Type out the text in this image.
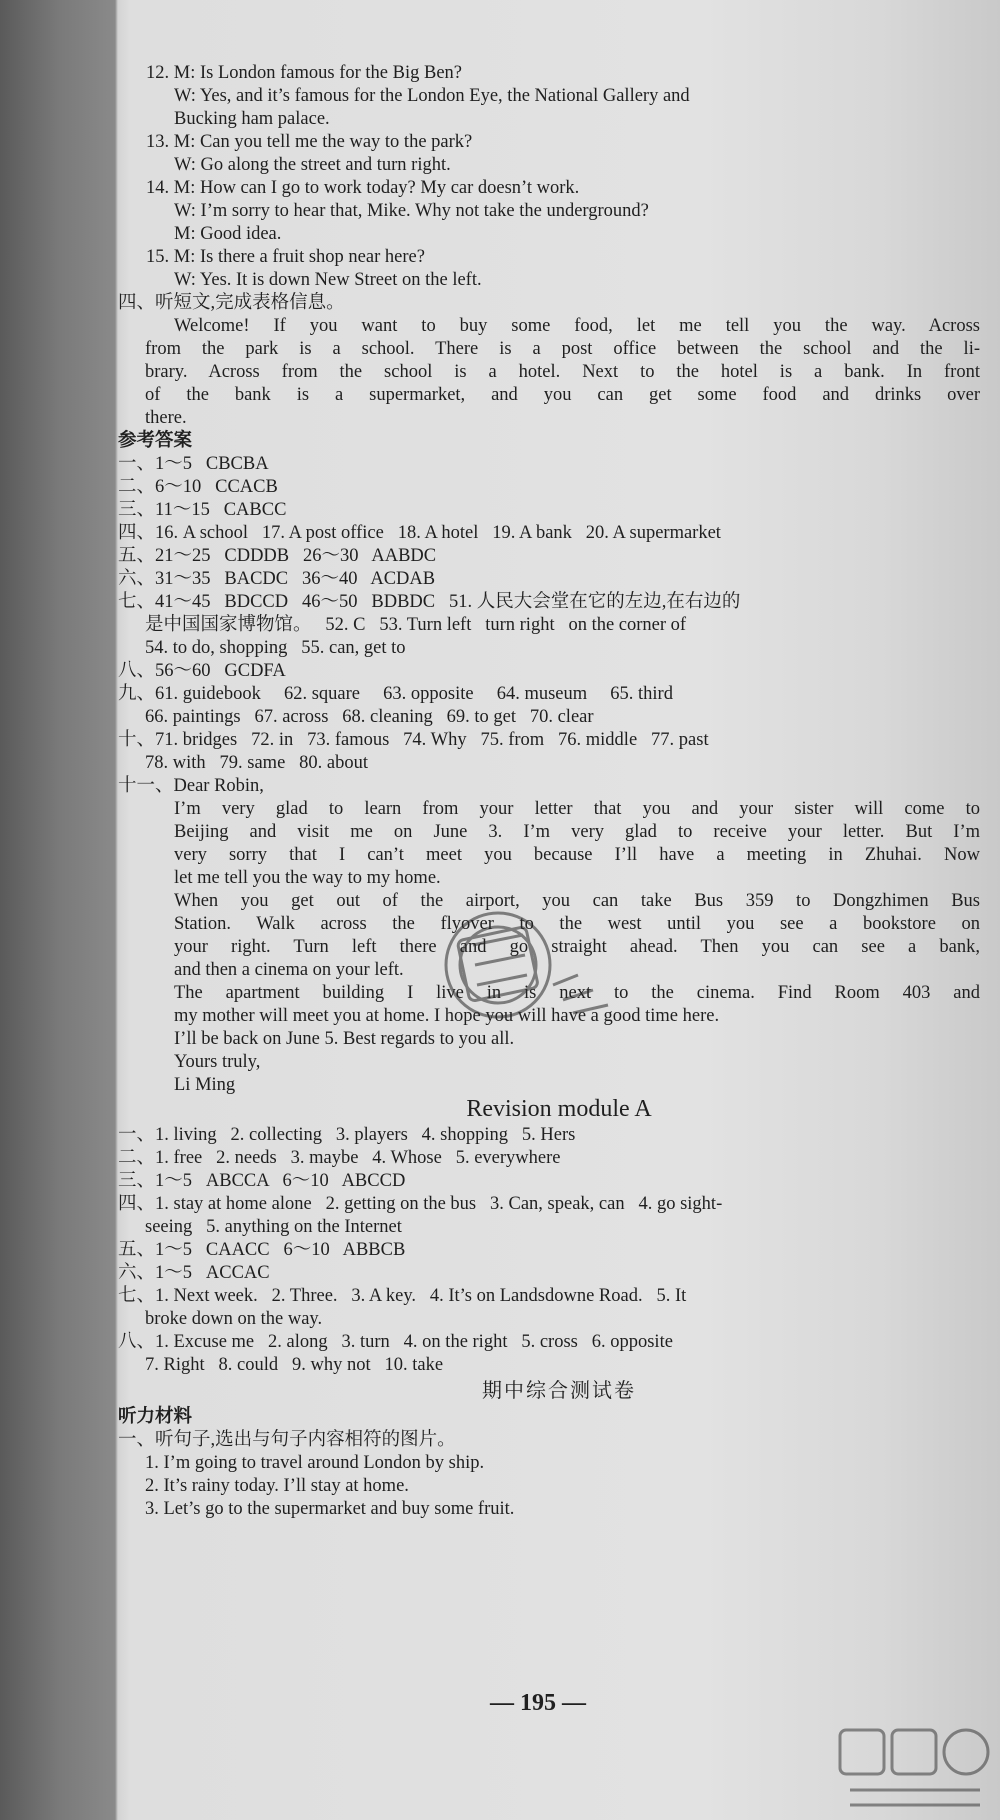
12. M: Is London famous for the Big Ben?
W: Yes, and it’s famous for the London Eye, the National Gallery and
Bucking ham palace.
13. M: Can you tell me the way to the park?
W: Go along the street and turn right.
14. M: How can I go to work today? My car doesn’t work.
W: I’m sorry to hear that, Mike. Why not take the underground?
M: Good idea.
15. M: Is there a fruit shop near here?
W: Yes. It is down New Street on the left.
四、听短文,完成表格信息。
Welcome! If you want to buy some food, let me tell you the way. Across
from the park is a school. There is a post office between the school and the li-
brary. Across from the school is a hotel. Next to the hotel is a bank. In front
of the bank is a supermarket, and you can get some food and drinks over
there.
参考答案
一、1～5   CBCBA
二、6～10   CCACB
三、11～15   CABCC
四、16. A school   17. A post office   18. A hotel   19. A bank   20. A supermarket
五、21～25   CDDDB   26～30   AABDC
六、31～35   BACDC   36～40   ACDAB
七、41～45   BDCCD   46～50   BDBDC   51. 人民大会堂在它的左边,在右边的
是中国国家博物馆。   52. C   53. Turn left   turn right   on the corner of
54. to do, shopping   55. can, get to
八、56～60   GCDFA
九、61. guidebook     62. square     63. opposite     64. museum     65. third
66. paintings   67. across   68. cleaning   69. to get   70. clear
十、71. bridges   72. in   73. famous   74. Why   75. from   76. middle   77. past
78. with   79. same   80. about
十一、Dear Robin,
I’m very glad to learn from your letter that you and your sister will come to
Beijing and visit me on June 3. I’m very glad to receive your letter. But I’m
very sorry that I can’t meet you because I’ll have a meeting in Zhuhai. Now
let me tell you the way to my home.
When you get out of the airport, you can take Bus 359 to Dongzhimen Bus
Station. Walk across the flyover to the west until you see a bookstore on
your right. Turn left there and go straight ahead. Then you can see a bank,
and then a cinema on your left.
The apartment building I live in is next to the cinema. Find Room 403 and
my mother will meet you at home. I hope you will have a good time here.
I’ll be back on June 5. Best regards to you all.
Yours truly,
Li Ming
Revision module A
一、1. living   2. collecting   3. players   4. shopping   5. Hers
二、1. free   2. needs   3. maybe   4. Whose   5. everywhere
三、1～5   ABCCA   6～10   ABCCD
四、1. stay at home alone   2. getting on the bus   3. Can, speak, can   4. go sight-
seeing   5. anything on the Internet
五、1～5   CAACC   6～10   ABBCB
六、1～5   ACCAC
七、1. Next week.   2. Three.   3. A key.   4. It’s on Landsdowne Road.   5. It
broke down on the way.
八、1. Excuse me   2. along   3. turn   4. on the right   5. cross   6. opposite
7. Right   8. could   9. why not   10. take
期中综合测试卷
听力材料
一、听句子,选出与句子内容相符的图片。
1. I’m going to travel around London by ship.
2. It’s rainy today. I’ll stay at home.
3. Let’s go to the supermarket and buy some fruit.
— 195 —
